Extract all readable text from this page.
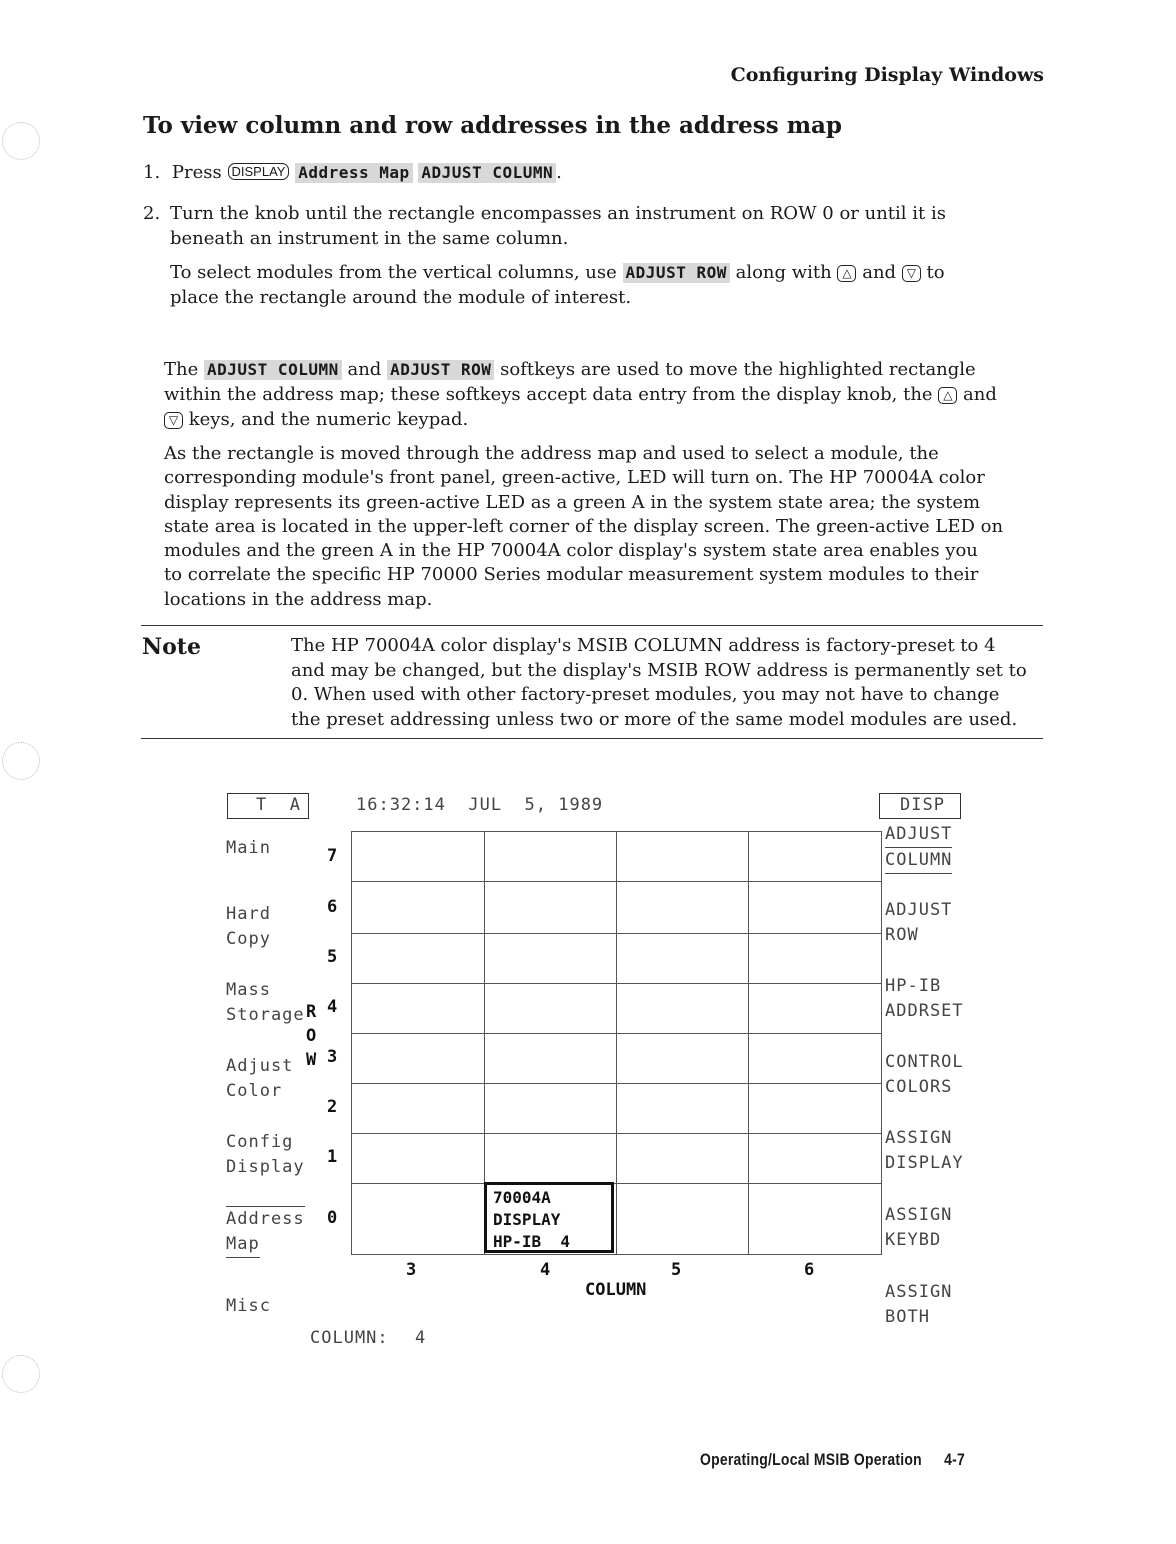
Configuring Display Windows
To view column and row addresses in the address map
1. Press DISPLAY Address Map ADJUST COLUMN .
2. Turn the knob until the rectangle encompasses an instrument on ROW 0 or until it is
beneath an instrument in the same column.
To select modules from the vertical columns, use ADJUST ROW along with △ and ▽ to
place the rectangle around the module of interest.
The ADJUST COLUMN and ADJUST ROW softkeys are used to move the highlighted rectangle
within the address map; these softkeys accept data entry from the display knob, the △ and
▽ keys, and the numeric keypad.
As the rectangle is moved through the address map and used to select a module, the
corresponding module's front panel, green-active, LED will turn on. The HP 70004A color
display represents its green-active LED as a green A in the system state area; the system
state area is located in the upper-left corner of the display screen. The green-active LED on
modules and the green A in the HP 70004A color display's system state area enables you
to correlate the specific HP 70000 Series modular measurement system modules to their
locations in the address map.
Note	The HP 70004A color display's MSIB COLUMN address is factory-preset to 4
and may be changed, but the display's MSIB ROW address is permanently set to
0. When used with other factory-preset modules, you may not have to change
the preset addressing unless two or more of the same model modules are used.
T  A	16:32:14  JUL  5, 1989	DISP
Main
Hard
Copy
Mass
Storage
Adjust
Color
Config
Display
Address
Map
Misc
R
O
W
7
6
5
4
3
2
1
0
70004A
DISPLAY
HP-IB  4
3	4	5	6
COLUMN
ADJUST
COLUMN
ADJUST
ROW
HP-IB
ADDRSET
CONTROL
COLORS
ASSIGN
DISPLAY
ASSIGN
KEYBD
ASSIGN
BOTH
COLUMN: 4
Operating/Local MSIB Operation 4-7
